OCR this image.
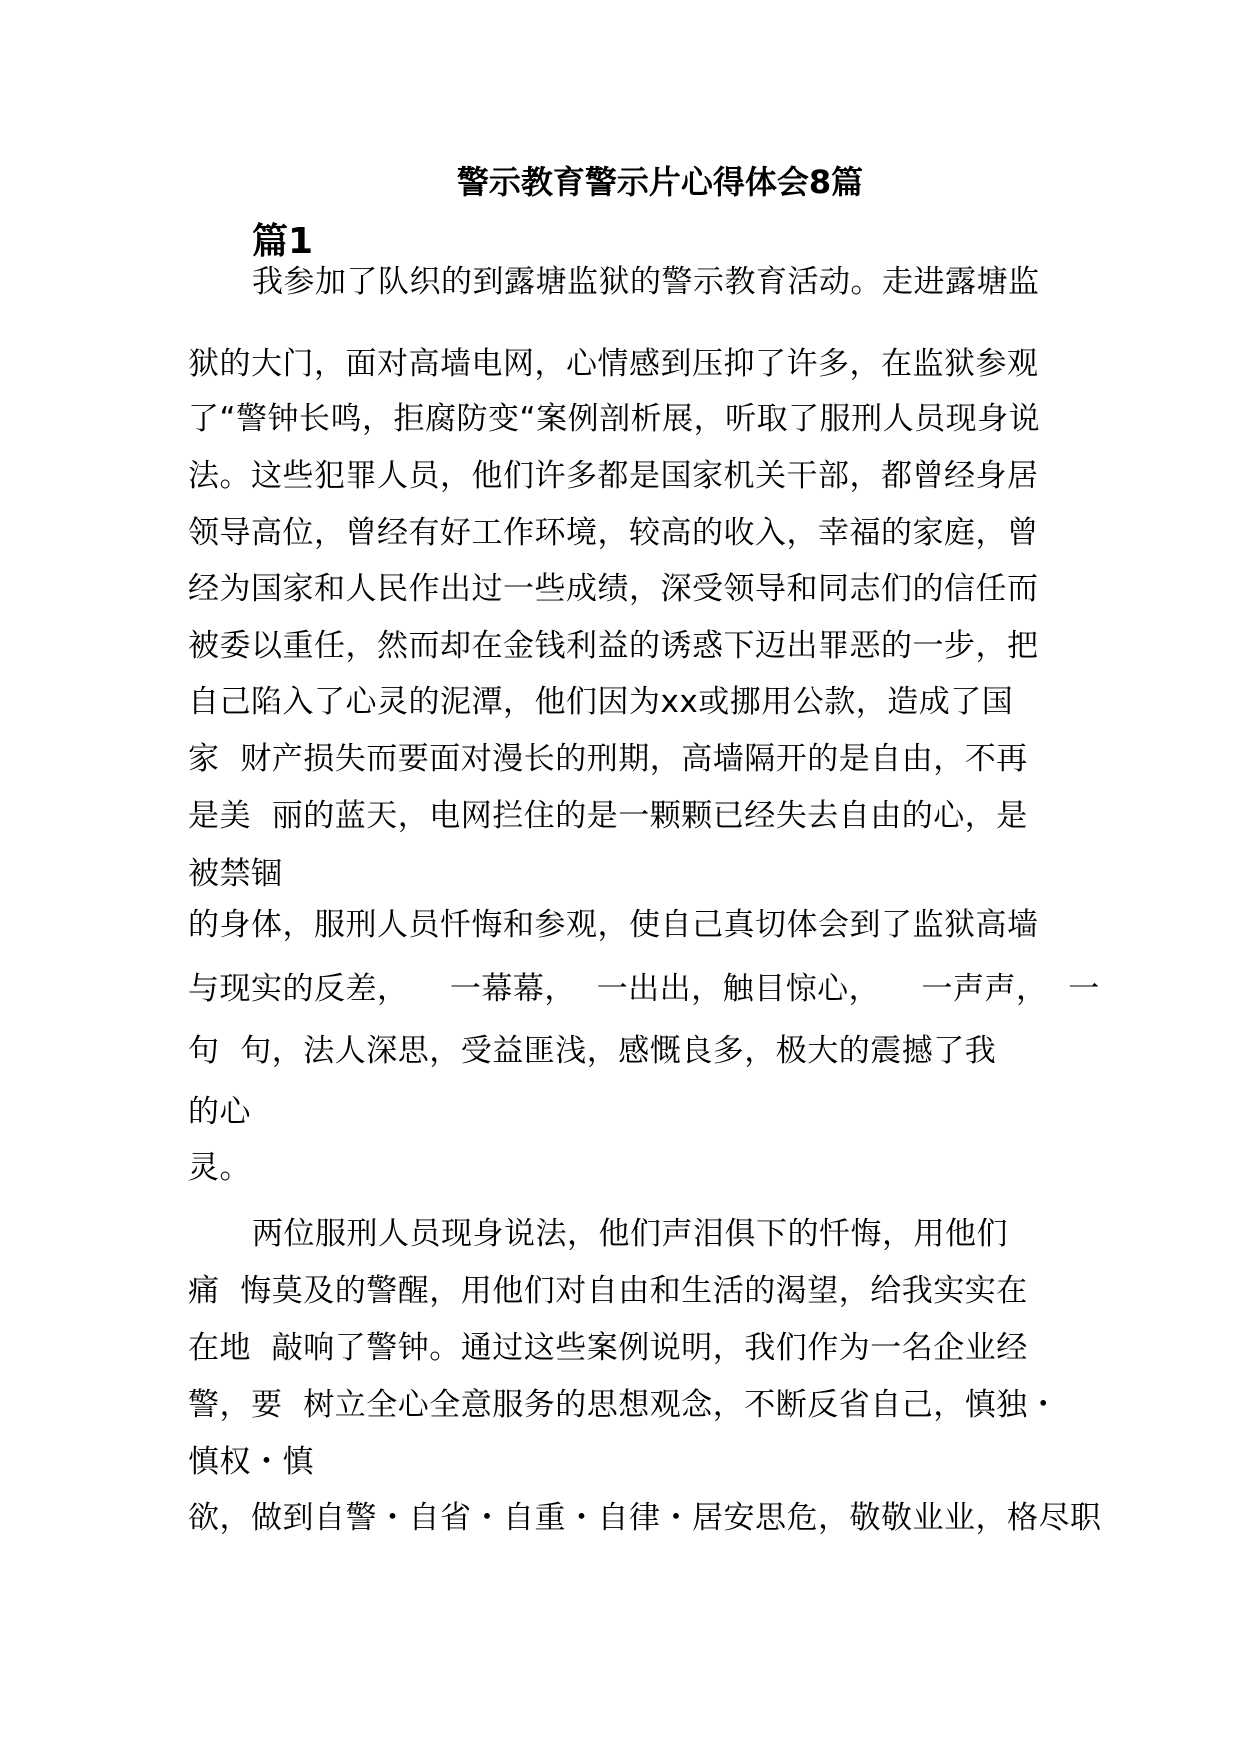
警示教育警示片心得体会8篇
篇1
我参加了队织的到露塘监狱的警示教育活动。走进露塘监
狱的大门，面对高墙电网，心情感到压抑了许多，在监狱参观
了“警钟长鸣，拒腐防变“案例剖析展，听取了服刑人员现身说
法。这些犯罪人员，他们许多都是国家机关干部，都曾经身居
领导高位，曾经有好工作环境，较高的收入，幸福的家庭，曾
经为国家和人民作出过一些成绩，深受领导和同志们的信任而
被委以重任，然而却在金钱利益的诱惑下迈出罪恶的一步，把
自己陷入了心灵的泥潭，他们因为xx或挪用公款，造成了国
家  财产损失而要面对漫长的刑期，高墙隔开的是自由，不再
是美  丽的蓝天，电网拦住的是一颗颗已经失去自由的心，是
被禁锢
的身体，服刑人员忏悔和参观，使自己真切体会到了监狱高墙
与现实的反差，    一幕幕，  一出出，触目惊心，    一声声，  一
句  句，法人深思，受益匪浅，感慨良多，极大的震撼了我
的心
灵。
两位服刑人员现身说法，他们声泪俱下的忏悔，用他们
痛  悔莫及的警醒，用他们对自由和生活的渴望，给我实实在
在地  敲响了警钟。通过这些案例说明，我们作为一名企业经
警，要  树立全心全意服务的思想观念，不断反省自己，慎独・
慎权・慎
欲，做到自警・自省・自重・自律・居安思危，敬敬业业，格尽职
